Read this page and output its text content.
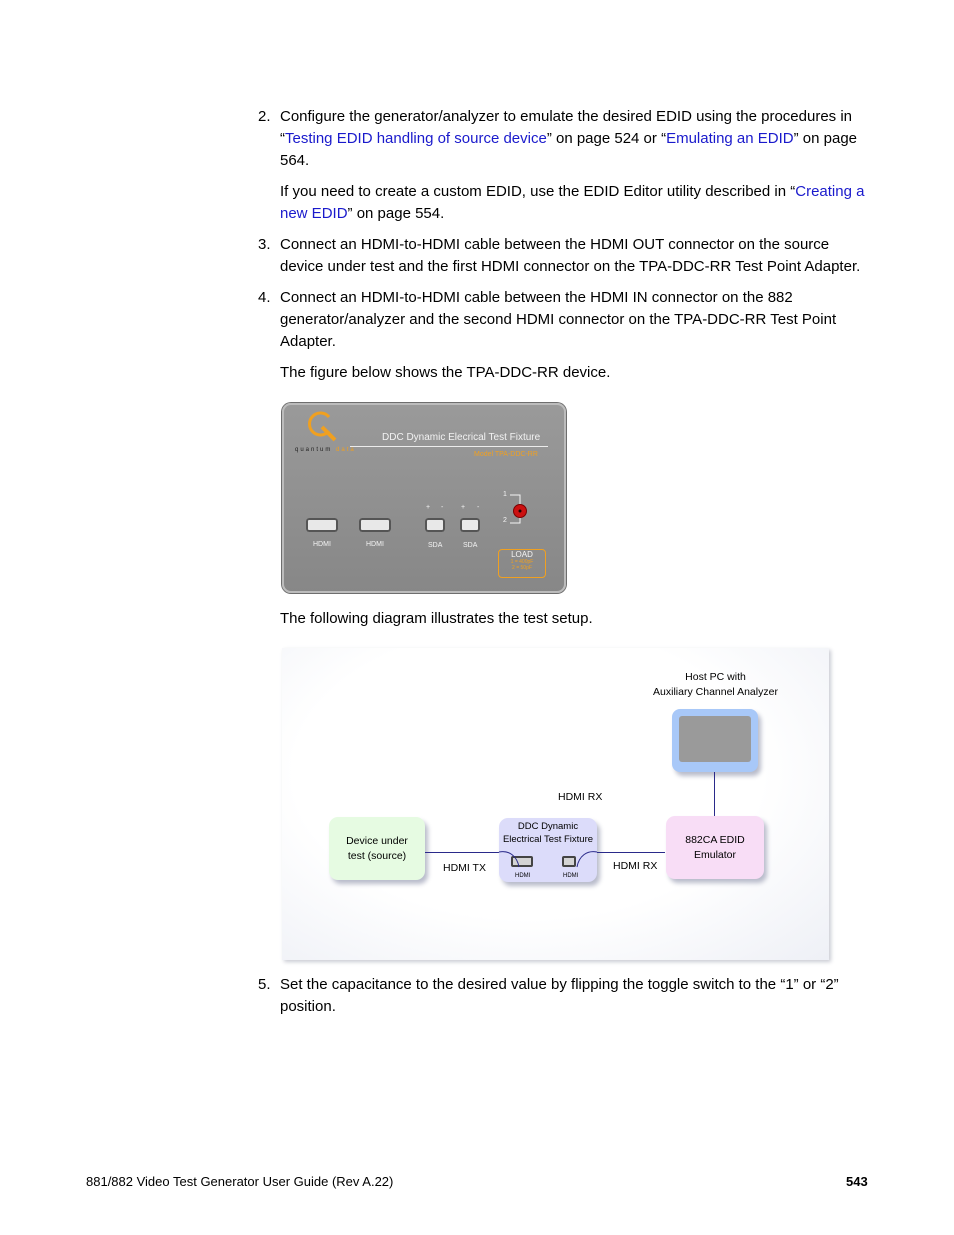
2. Configure the generator/analyzer to emulate the desired EDID using the procedures in “Testing EDID handling of source device” on page 524 or “Emulating an EDID” on page 564.

If you need to create a custom EDID, use the EDID Editor utility described in “Creating a new EDID” on page 554.

3. Connect an HDMI-to-HDMI cable between the HDMI OUT connector on the source device under test and the first HDMI connector on the TPA-DDC-RR Test Point Adapter.

4. Connect an HDMI-to-HDMI cable between the HDMI IN connector on the 882 generator/analyzer and the second HDMI connector on the TPA-DDC-RR Test Point Adapter.

The figure below shows the TPA-DDC-RR device.

quantum data
DDC Dynamic Elecrical Test Fixture
Model TPA-DDC-RR
HDMI	HDMI	SDA	SDA
+ -	+ -
1
2
LOAD
1 = 400pF
2 = 50pF

The following diagram illustrates the test setup.

Host PC with
Auxiliary Channel Analyzer
HDMI RX
Device under
test (source)
HDMI TX
DDC Dynamic
Electrical Test Fixture
HDMI	HDMI
HDMI RX
882CA EDID
Emulator
5. Set the capacitance to the desired value by flipping the toggle switch to the “1” or “2” position.

881/882 Video Test Generator User Guide (Rev A.22)	543
